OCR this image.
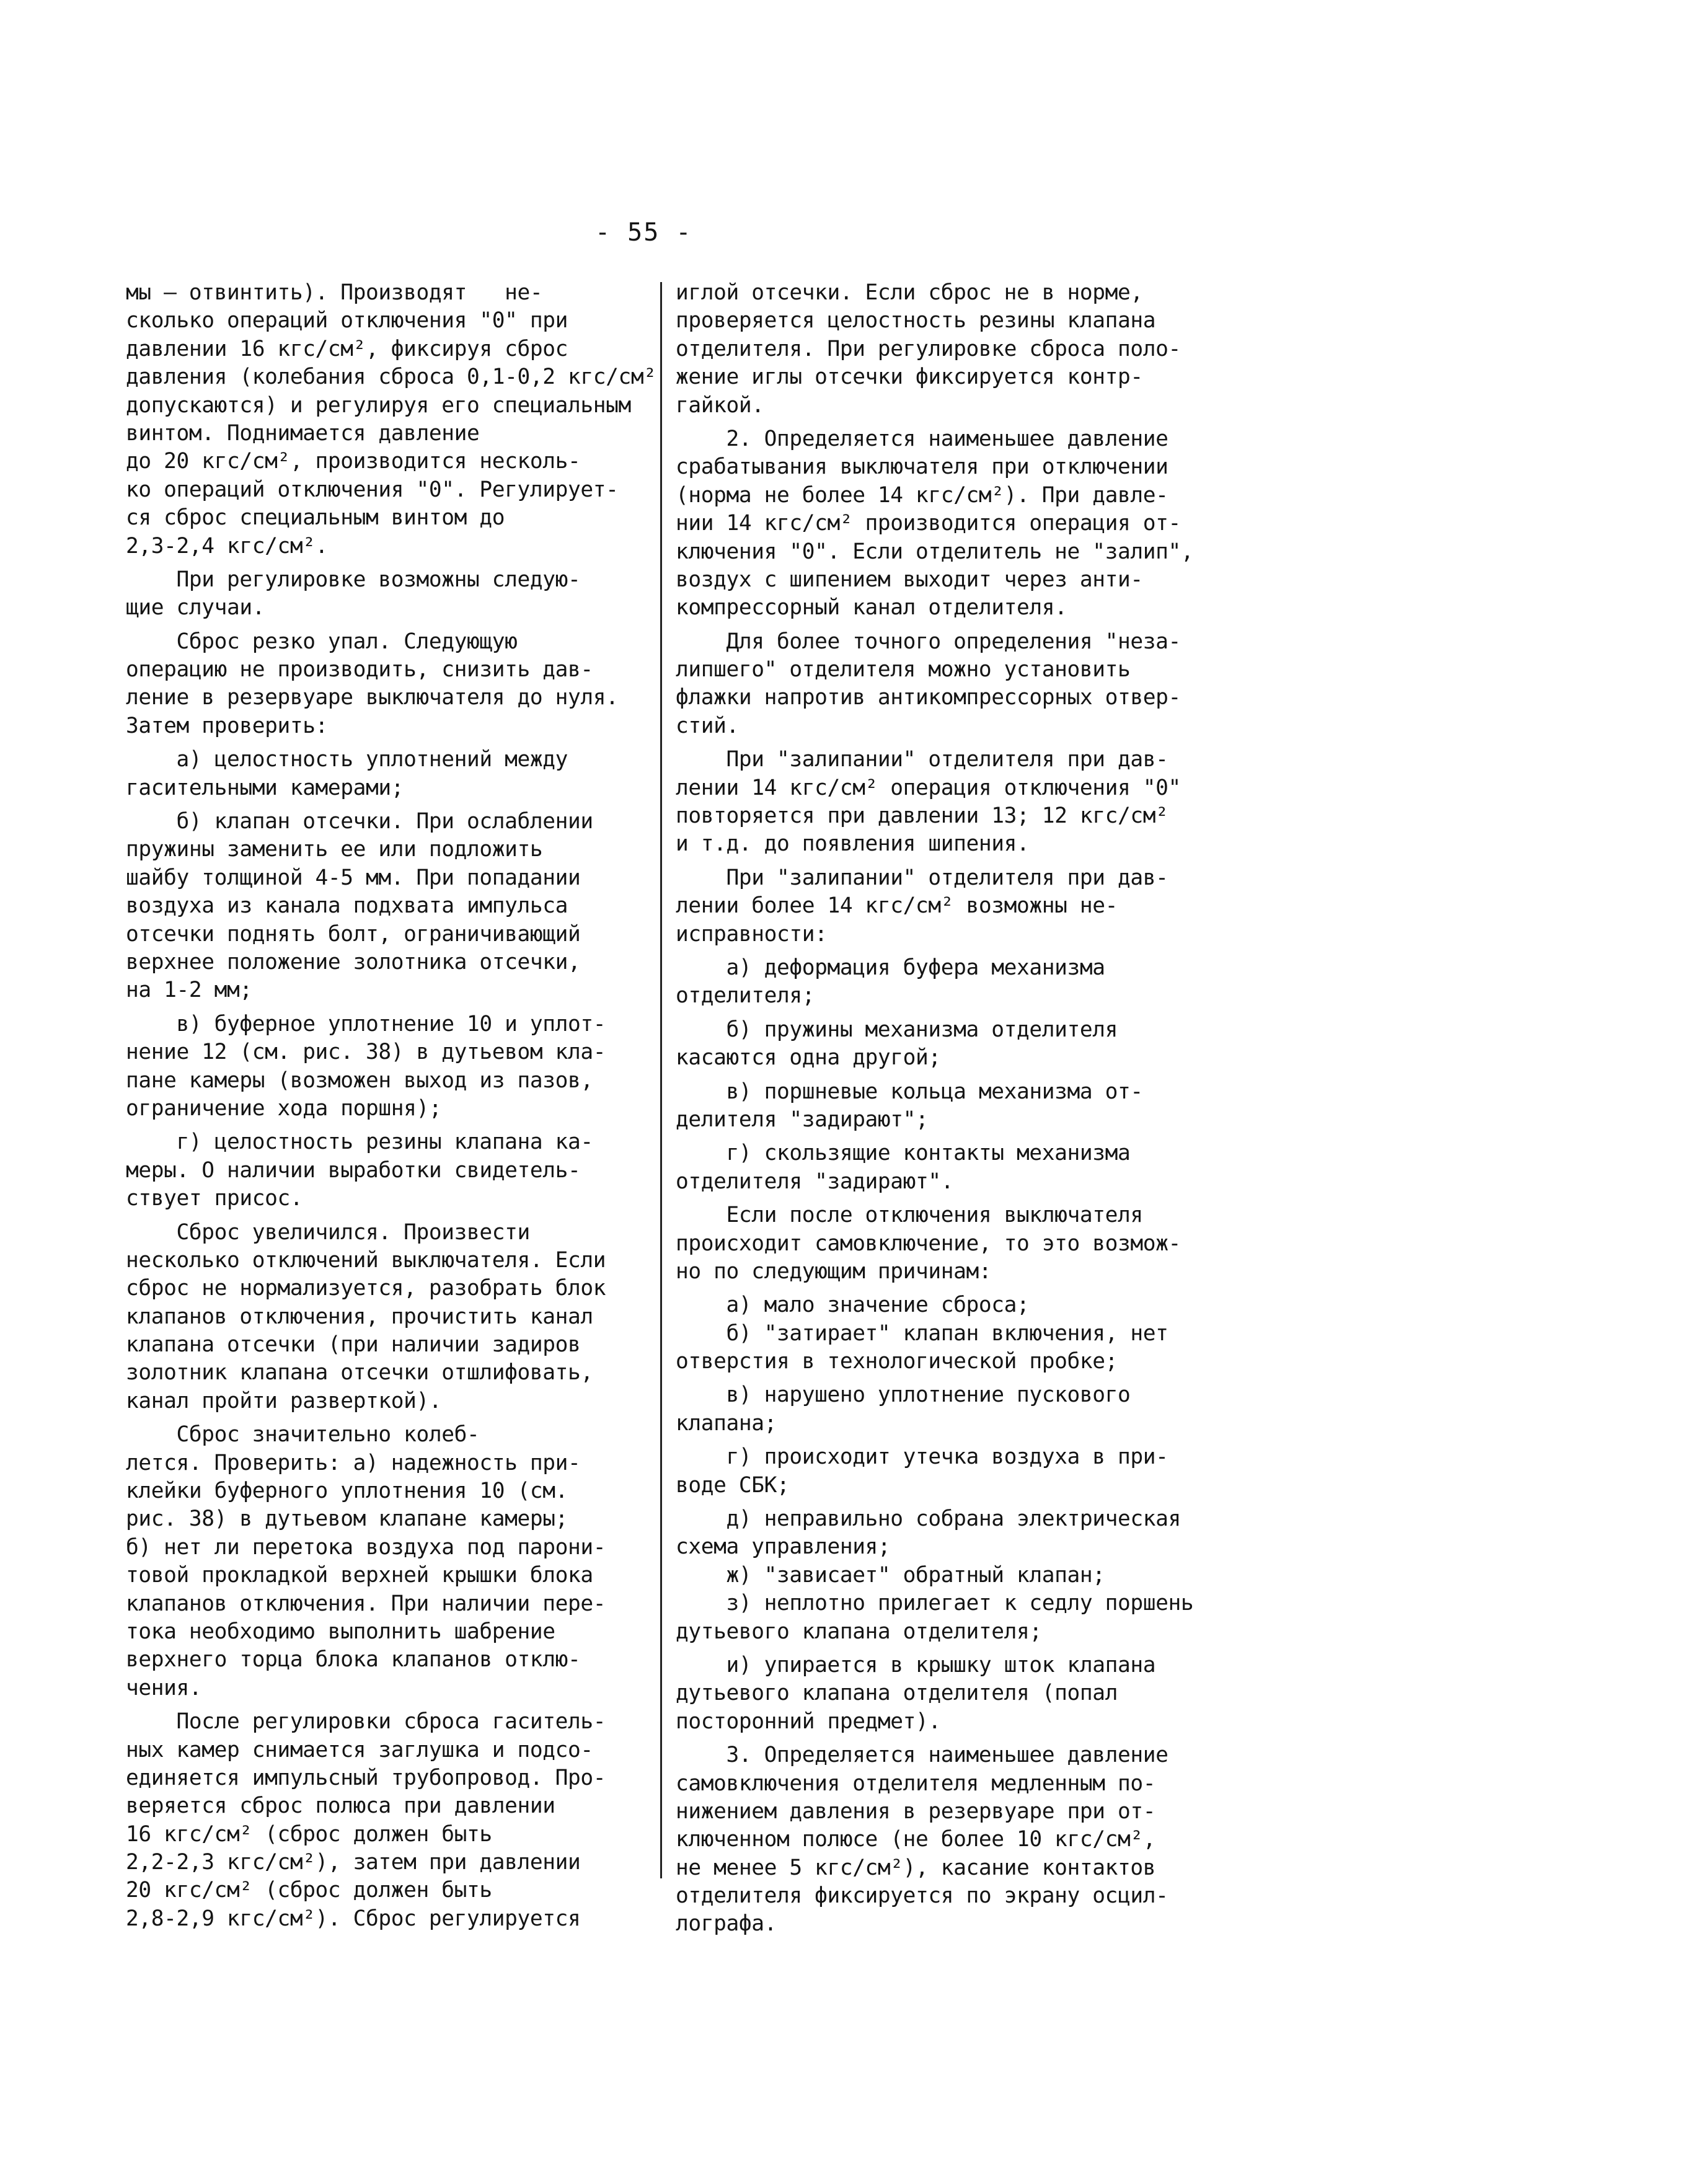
- 55 -
мы — отвинтить). Производят   не-
сколько операций отключения "0" при
давлении 16 кгс/см², фиксируя сброс
давления (колебания сброса 0,1-0,2 кгс/см²
допускаются) и регулируя его специальным
винтом. Поднимается давление
до 20 кгс/см², производится несколь-
ко операций отключения "0". Регулирует-
ся сброс специальным винтом до
2,3-2,4 кгс/см².
При регулировке возможны следую-
щие случаи.
Сброс резко упал. Следующую
операцию не производить, снизить дав-
ление в резервуаре выключателя до нуля.
Затем проверить:
а) целостность уплотнений между
гасительными камерами;
б) клапан отсечки. При ослаблении
пружины заменить ее или подложить
шайбу толщиной 4-5 мм. При попадании
воздуха из канала подхвата импульса
отсечки поднять болт, ограничивающий
верхнее положение золотника отсечки,
на 1-2 мм;
в) буферное уплотнение 10 и уплот-
нение 12 (см. рис. 38) в дутьевом кла-
пане камеры (возможен выход из пазов,
ограничение хода поршня);
г) целостность резины клапана ка-
меры. О наличии выработки свидетель-
ствует присос.
Сброс увеличился. Произвести
несколько отключений выключателя. Если
сброс не нормализуется, разобрать блок
клапанов отключения, прочистить канал
клапана отсечки (при наличии задиров
золотник клапана отсечки отшлифовать,
канал пройти разверткой).
Сброс значительно колеб-
лется. Проверить: а) надежность при-
клейки буферного уплотнения 10 (см.
рис. 38) в дутьевом клапане камеры;
б) нет ли перетока воздуха под парони-
товой прокладкой верхней крышки блока
клапанов отключения. При наличии пере-
тока необходимо выполнить шабрение
верхнего торца блока клапанов отклю-
чения.
После регулировки сброса гаситель-
ных камер снимается заглушка и подсо-
единяется импульсный трубопровод. Про-
веряется сброс полюса при давлении
16 кгс/см² (сброс должен быть
2,2-2,3 кгс/см²), затем при давлении
20 кгс/см² (сброс должен быть
2,8-2,9 кгс/см²). Сброс регулируется
иглой отсечки. Если сброс не в норме,
проверяется целостность резины клапана
отделителя. При регулировке сброса поло-
жение иглы отсечки фиксируется контр-
гайкой.
2. Определяется наименьшее давление
срабатывания выключателя при отключении
(норма не более 14 кгс/см²). При давле-
нии 14 кгс/см² производится операция от-
ключения "0". Если отделитель не "залип",
воздух с шипением выходит через анти-
компрессорный канал отделителя.
Для более точного определения "неза-
липшего" отделителя можно установить
флажки напротив антикомпрессорных отвер-
стий.
При "залипании" отделителя при дав-
лении 14 кгс/см² операция отключения "0"
повторяется при давлении 13; 12 кгс/см²
и т.д. до появления шипения.
При "залипании" отделителя при дав-
лении более 14 кгс/см² возможны не-
исправности:
а) деформация буфера механизма
отделителя;
б) пружины механизма отделителя
касаются одна другой;
в) поршневые кольца механизма от-
делителя "задирают";
г) скользящие контакты механизма
отделителя "задирают".
Если после отключения выключателя
происходит самовключение, то это возмож-
но по следующим причинам:
а) мало значение сброса;
б) "затирает" клапан включения, нет
отверстия в технологической пробке;
в) нарушено уплотнение пускового
клапана;
г) происходит утечка воздуха в при-
воде СБК;
д) неправильно собрана электрическая
схема управления;
ж) "зависает" обратный клапан;
з) неплотно прилегает к седлу поршень
дутьевого клапана отделителя;
и) упирается в крышку шток клапана
дутьевого клапана отделителя (попал
посторонний предмет).
3. Определяется наименьшее давление
самовключения отделителя медленным по-
нижением давления в резервуаре при от-
ключенном полюсе (не более 10 кгс/см²,
не менее 5 кгс/см²), касание контактов
отделителя фиксируется по экрану осцил-
лографа.
